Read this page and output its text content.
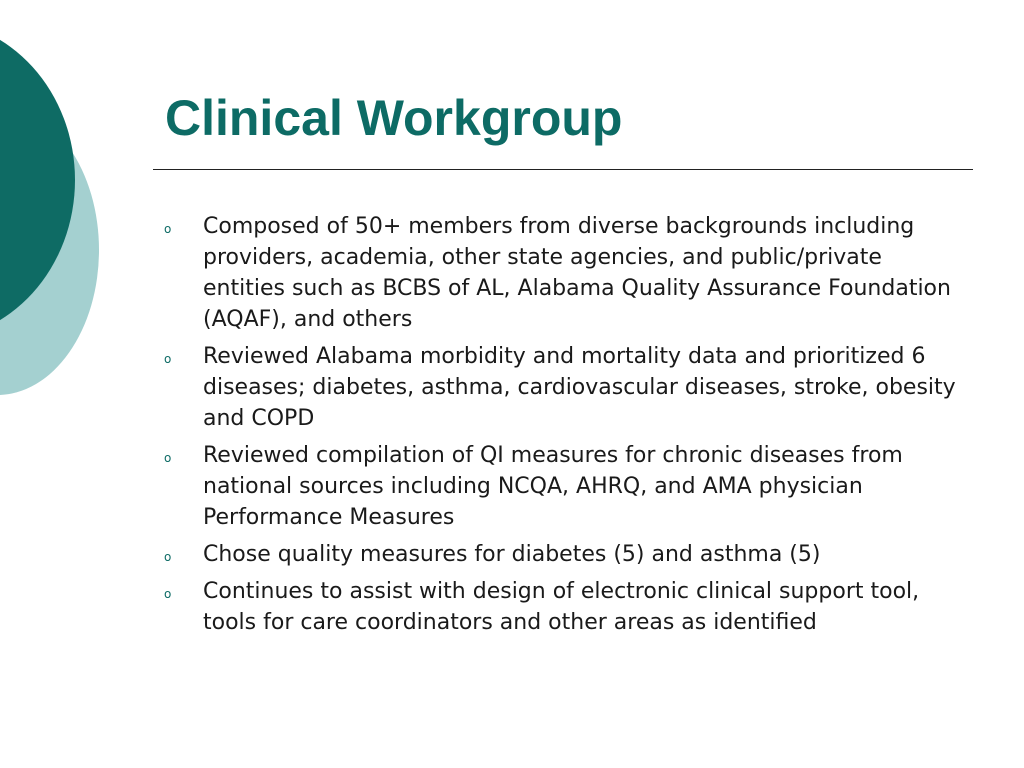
Clinical Workgroup
o Composed of 50+ members from diverse backgrounds including providers, academia, other state agencies, and public/private entities such as BCBS of AL, Alabama Quality Assurance Foundation (AQAF), and others
o Reviewed Alabama morbidity and mortality data and prioritized 6 diseases; diabetes, asthma, cardiovascular diseases, stroke, obesity and COPD
o Reviewed compilation of QI measures for chronic diseases from national sources including NCQA, AHRQ, and AMA physician Performance Measures
o Chose quality measures for diabetes (5) and asthma (5)
o Continues to assist with design of electronic clinical support tool, tools for care coordinators and other areas as identified
